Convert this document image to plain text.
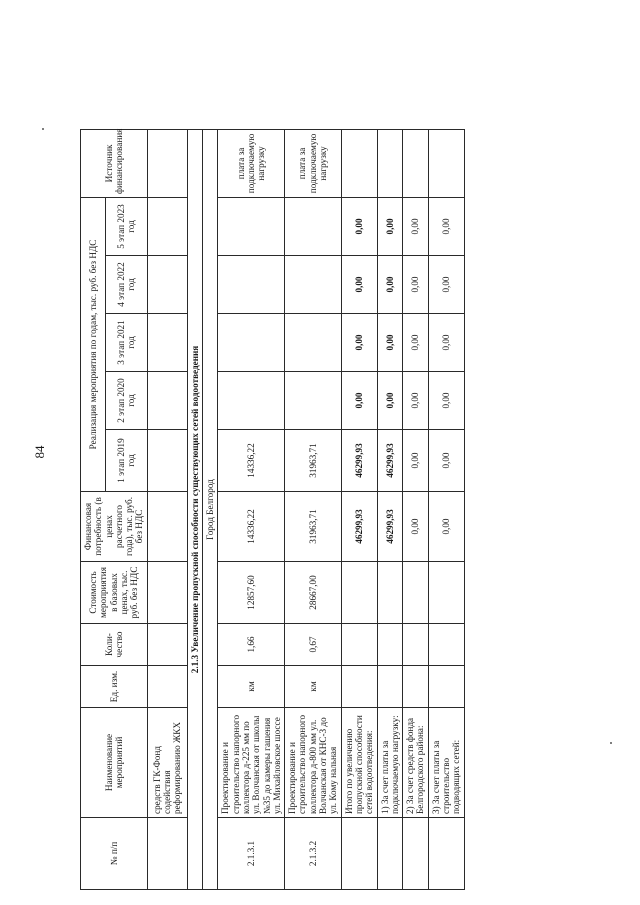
84
№ п/п	Наименование мероприятий	Ед. изм.	Коли-чество	Стоимость мероприятия в базовых ценах, тыс. руб. без НДС	Финансовая потребность (в ценах расчетного года), тыс. руб. без НДС	Реализация мероприятия по годам, тыс. руб. без НДС					Источник финансирования
						1 этап 2019 год	2 этап 2020 год	3 этап 2021 год	4 этап 2022 год	5 этап 2023 год	
	средств ГК-Фонд содействия реформированию ЖКХ										
2.1.3 Увеличение пропускной способности существующих сетей водоотведения											
Город Белгород											
2.1.3.1	Проектирование и строительство напорного коллектора д-225 мм по ул. Волчанская от школы №35 до камеры гашения ул. Михайловское шоссе	км	1,66	12857,60	14336,22	14336,22					плата за подключаемую нагрузку
2.1.3.2	Проектирование и строительство напорного коллектора д-800 мм ул. Волчанская от КНС-3 до ул. Кому нальная	км	0,67	28667,00	31963,71	31963,71					плата за подключаемую нагрузку
	Итого по увеличению пропускной способности сетей водоотведения:				46299,93	46299,93	0,00	0,00	0,00	0,00	
	1) За счет платы за подключаемую нагрузку:				46299,93	46299,93	0,00	0,00	0,00	0,00	
	2) За счет средств фонда Белгородского района:				0,00	0,00	0,00	0,00	0,00	0,00	
	3) За счет платы за строительство подводящих сетей:				0,00	0,00	0,00	0,00	0,00	0,00	
